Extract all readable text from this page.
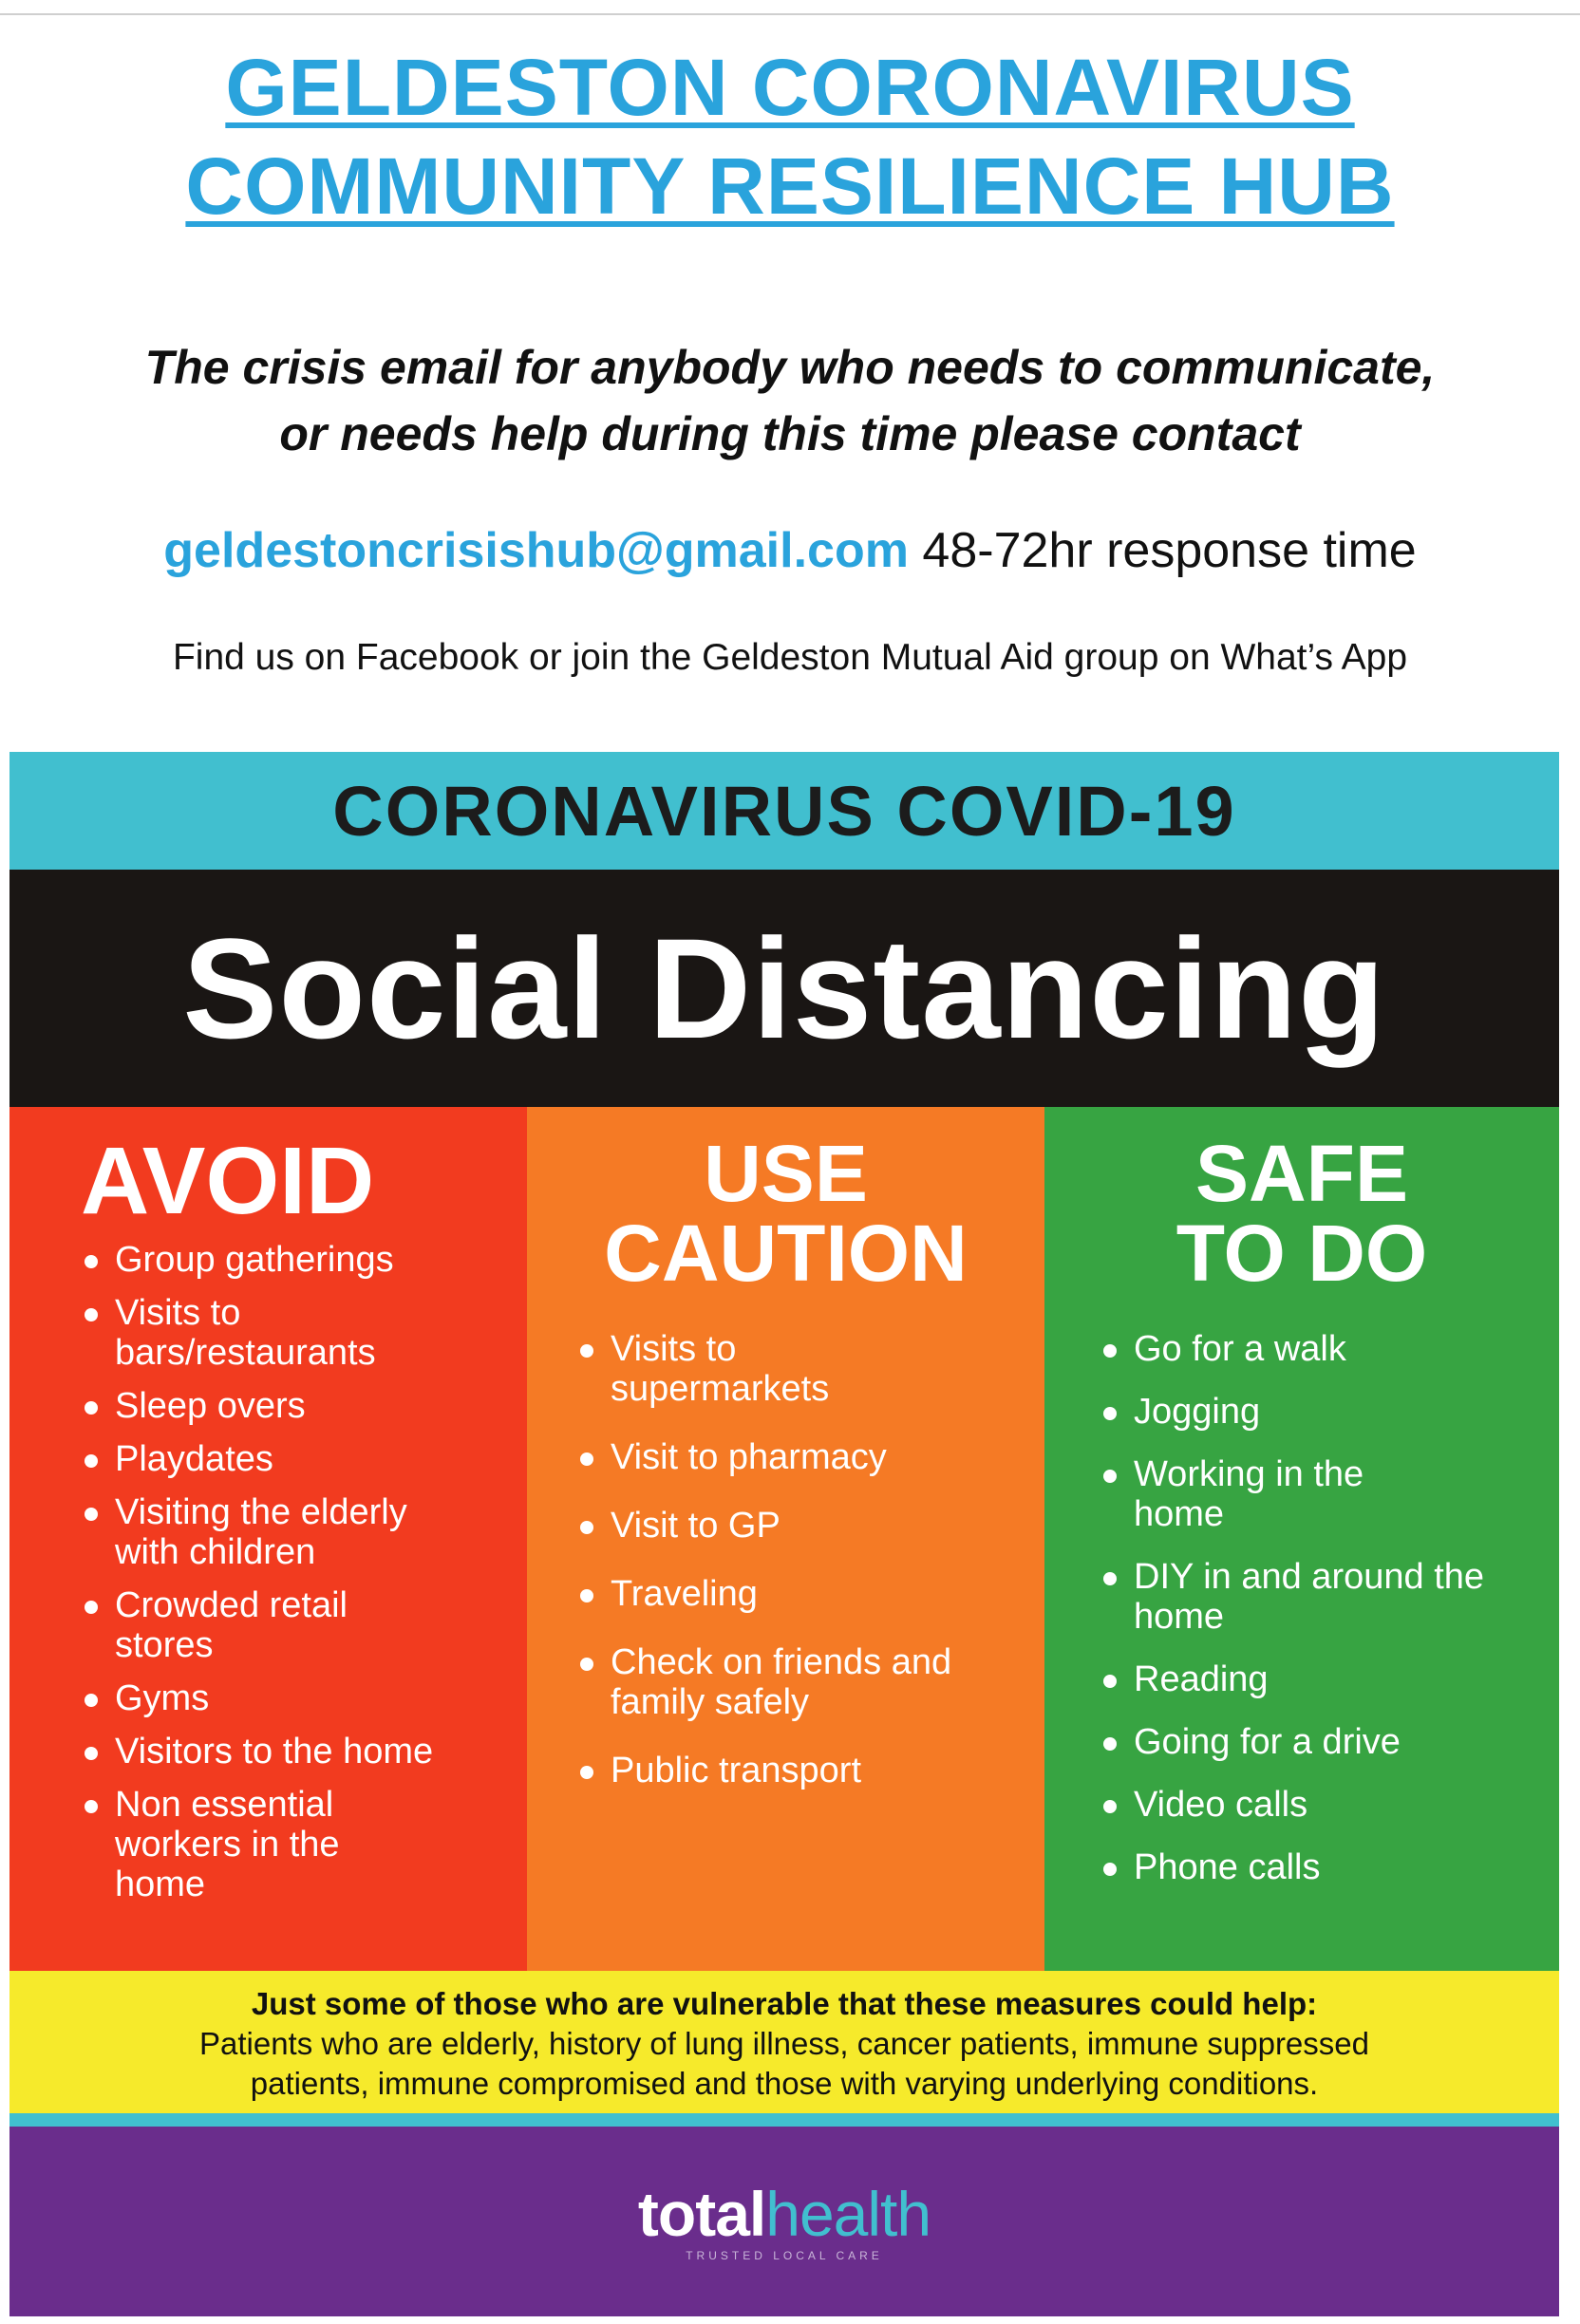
GELDESTON CORONAVIRUS
COMMUNITY RESILIENCE HUB
The crisis email for anybody who needs to communicate,
or needs help during this time please contact
geldestoncrisishub@gmail.com 48-72hr response time
Find us on Facebook or join the Geldeston Mutual Aid group on What’s App
CORONAVIRUS COVID-19
Social Distancing
AVOID
Group gatherings
Visits to bars/restaurants
Sleep overs
Playdates
Visiting the elderly with children
Crowded retail stores
Gyms
Visitors to the home
Non essential workers in the home
USE
CAUTION
Visits to supermarkets
Visit to pharmacy
Visit to GP
Traveling
Check on friends and family safely
Public transport
SAFE
TO DO
Go for a walk
Jogging
Working in the home
DIY in and around the home
Reading
Going for a drive
Video calls
Phone calls
Just some of those who are vulnerable that these measures could help:
Patients who are elderly, history of lung illness, cancer patients, immune suppressed
patients, immune compromised and those with varying underlying conditions.
totalhealth
TRUSTED LOCAL CARE
